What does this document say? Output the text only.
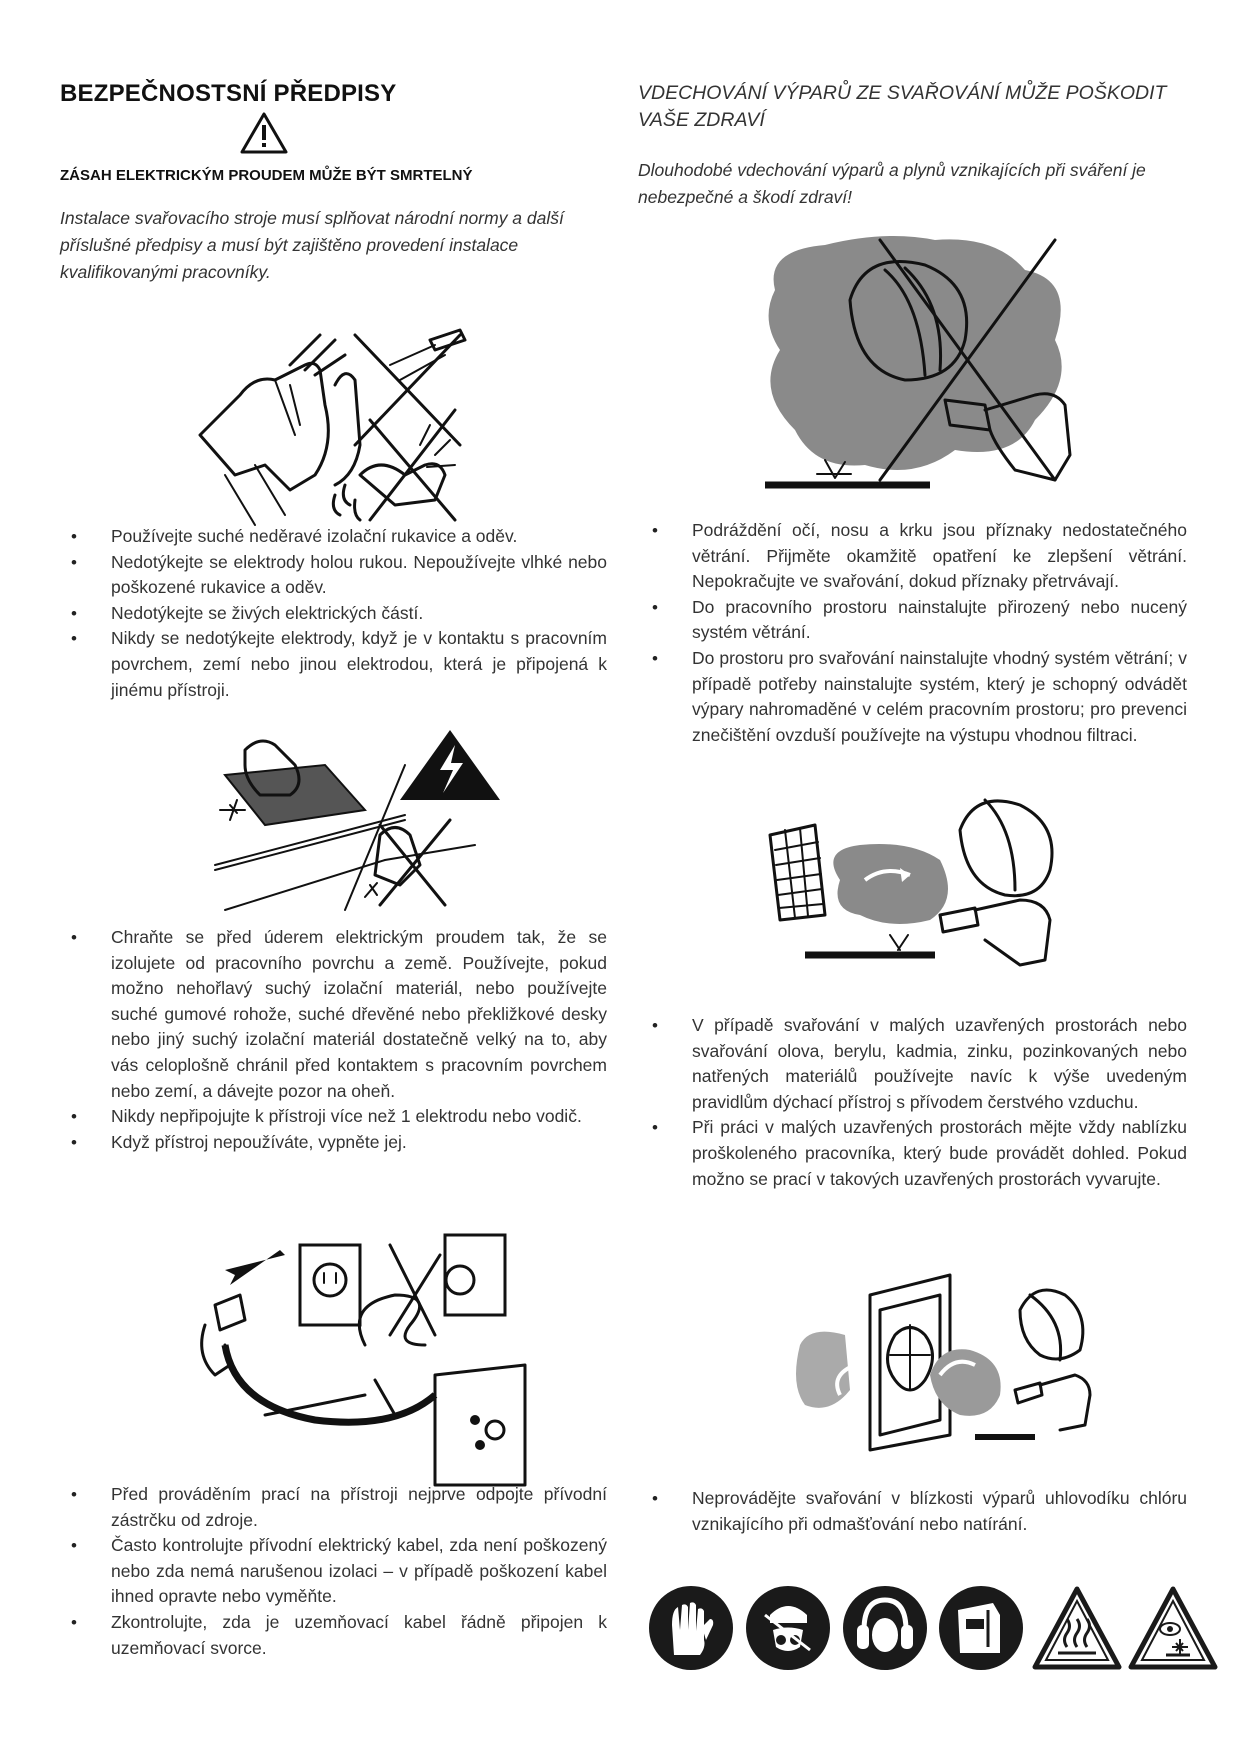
BEZPEČNOSTSNÍ PŘEDPISY
ZÁSAH ELEKTRICKÝM PROUDEM MŮŽE BÝT SMRTELNÝ
Instalace svařovacího stroje musí splňovat národní normy a další příslušné předpisy a musí být zajištěno provedení instalace kvalifikovanými pracovníky.
• Používejte suché neděravé izolační rukavice a oděv.
• Nedotýkejte se elektrody holou rukou. Nepoužívejte vlhké nebo poškozené rukavice a oděv.
• Nedotýkejte se živých elektrických částí.
• Nikdy se nedotýkejte elektrody, když je v kontaktu s pracovním povrchem, zemí nebo jinou elektrodou, která je připojená k jinému přístroji.
• Chraňte se před úderem elektrickým proudem tak, že se izolujete od pracovního povrchu a země. Používejte, pokud možno nehořlavý suchý izolační materiál, nebo používejte suché gumové rohože, suché dřevěné nebo překližkové desky nebo jiný suchý izolační materiál dostatečně velký na to, aby vás celoplošně chránil před kontaktem s pracovním povrchem nebo zemí, a dávejte pozor na oheň.
• Nikdy nepřipojujte k přístroji více než 1 elektrodu nebo vodič.
• Když přístroj nepoužíváte, vypněte jej.
• Před prováděním prací na přístroji nejprve odpojte přívodní zástrčku od zdroje.
• Často kontrolujte přívodní elektrický kabel, zda není poškozený nebo zda nemá narušenou izolaci – v případě poškození kabel ihned opravte nebo vyměňte.
• Zkontrolujte, zda je uzemňovací kabel řádně připojen k uzemňovací svorce.
VDECHOVÁNÍ VÝPARŮ ZE SVAŘOVÁNÍ MŮŽE POŠKODIT VAŠE ZDRAVÍ
Dlouhodobé vdechování výparů a plynů vznikajících při sváření je nebezpečné a škodí zdraví!
• Podráždění očí, nosu a krku jsou příznaky nedostatečného větrání. Přijměte okamžitě opatření ke zlepšení větrání. Nepokračujte ve svařování, dokud příznaky přetrvávají.
• Do pracovního prostoru nainstalujte přirozený nebo nucený systém větrání.
• Do prostoru pro svařování nainstalujte vhodný systém větrání; v případě potřeby nainstalujte systém, který je schopný odvádět výpary nahromaděné v celém pracovním prostoru; pro prevenci znečištění ovzduší používejte na výstupu vhodnou filtraci.
• V případě svařování v malých uzavřených prostorách nebo svařování olova, berylu, kadmia, zinku, pozinkovaných nebo natřených materiálů používejte navíc k výše uvedeným pravidlům dýchací přístroj s přívodem čerstvého vzduchu.
• Při práci v malých uzavřených prostorách mějte vždy nablízku proškoleného pracovníka, který bude provádět dohled. Pokud možno se prací v takových uzavřených prostorách vyvarujte.
• Neprovádějte svařování v blízkosti výparů uhlovodíku chlóru vznikajícího při odmašťování nebo natírání.
